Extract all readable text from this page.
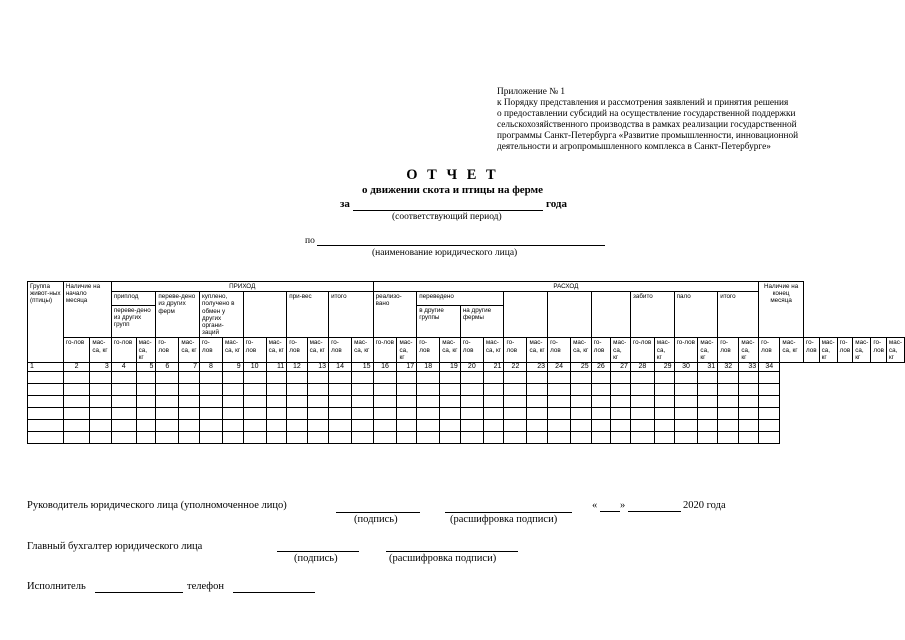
Приложение № 1
к Порядку представления и рассмотрения заявлений и принятия решения
о предоставлении субсидий на осуществление государственной поддержки
сельскохозяйственного производства в рамках реализации государственной
программы Санкт-Петербурга «Развитие промышленности, инновационной
деятельности и агропромышленного комплекса в Санкт-Петербурге»
О Т Ч Е Т
о движении скота и птицы на ферме
за	года
(соответствующий период)
по
(наименование юридического лица)
Группа живот-ных (птицы)	Наличие на начало месяца		ПРИХОД												РАСХОД																		Наличие на конец месяца							
			приплод		переве-дено из других ферм		куплено, получено в обмен у других органи-заций				при-вес		итого		реализо-вано		переведено										забито		пало		итого									
			переве-дено из других групп														в другие группы		на другие фермы																					
	го-лов	мас-са, кг	го-лов	мас-са, кг	го-лов	мас-са, кг	го-лов	мас-са, кг	го-лов	мас-са, кг	го-лов	мас-са, кг	го-лов	мас-са, кг	го-лов	мас-са, кг	го-лов	мас-са, кг	го-лов	мас-са, кг	го-лов	мас-са, кг	го-лов	мас-са, кг	го-лов	мас-са, кг	го-лов	мас-са, кг	го-лов	мас-са, кг	го-лов	мас-са, кг	го-лов	мас-са, кг	го-лов	мас-са, кг	го-лов	мас-са, кг	го-лов	мас-са, кг
1	2	3	4	5	6	7	8	9	10	11	12	13	14	15	16	17	18	19	20	21	22	23	24	25	26	27	28	29	30	31	32	33	34							

Руководитель юридического лица (уполномоченное лицо)
(подпись)	(расшифровка подписи)
« »	2020 года
Главный бухгалтер юридического лица
(подпись)	(расшифровка подписи)
Исполнитель	телефон
